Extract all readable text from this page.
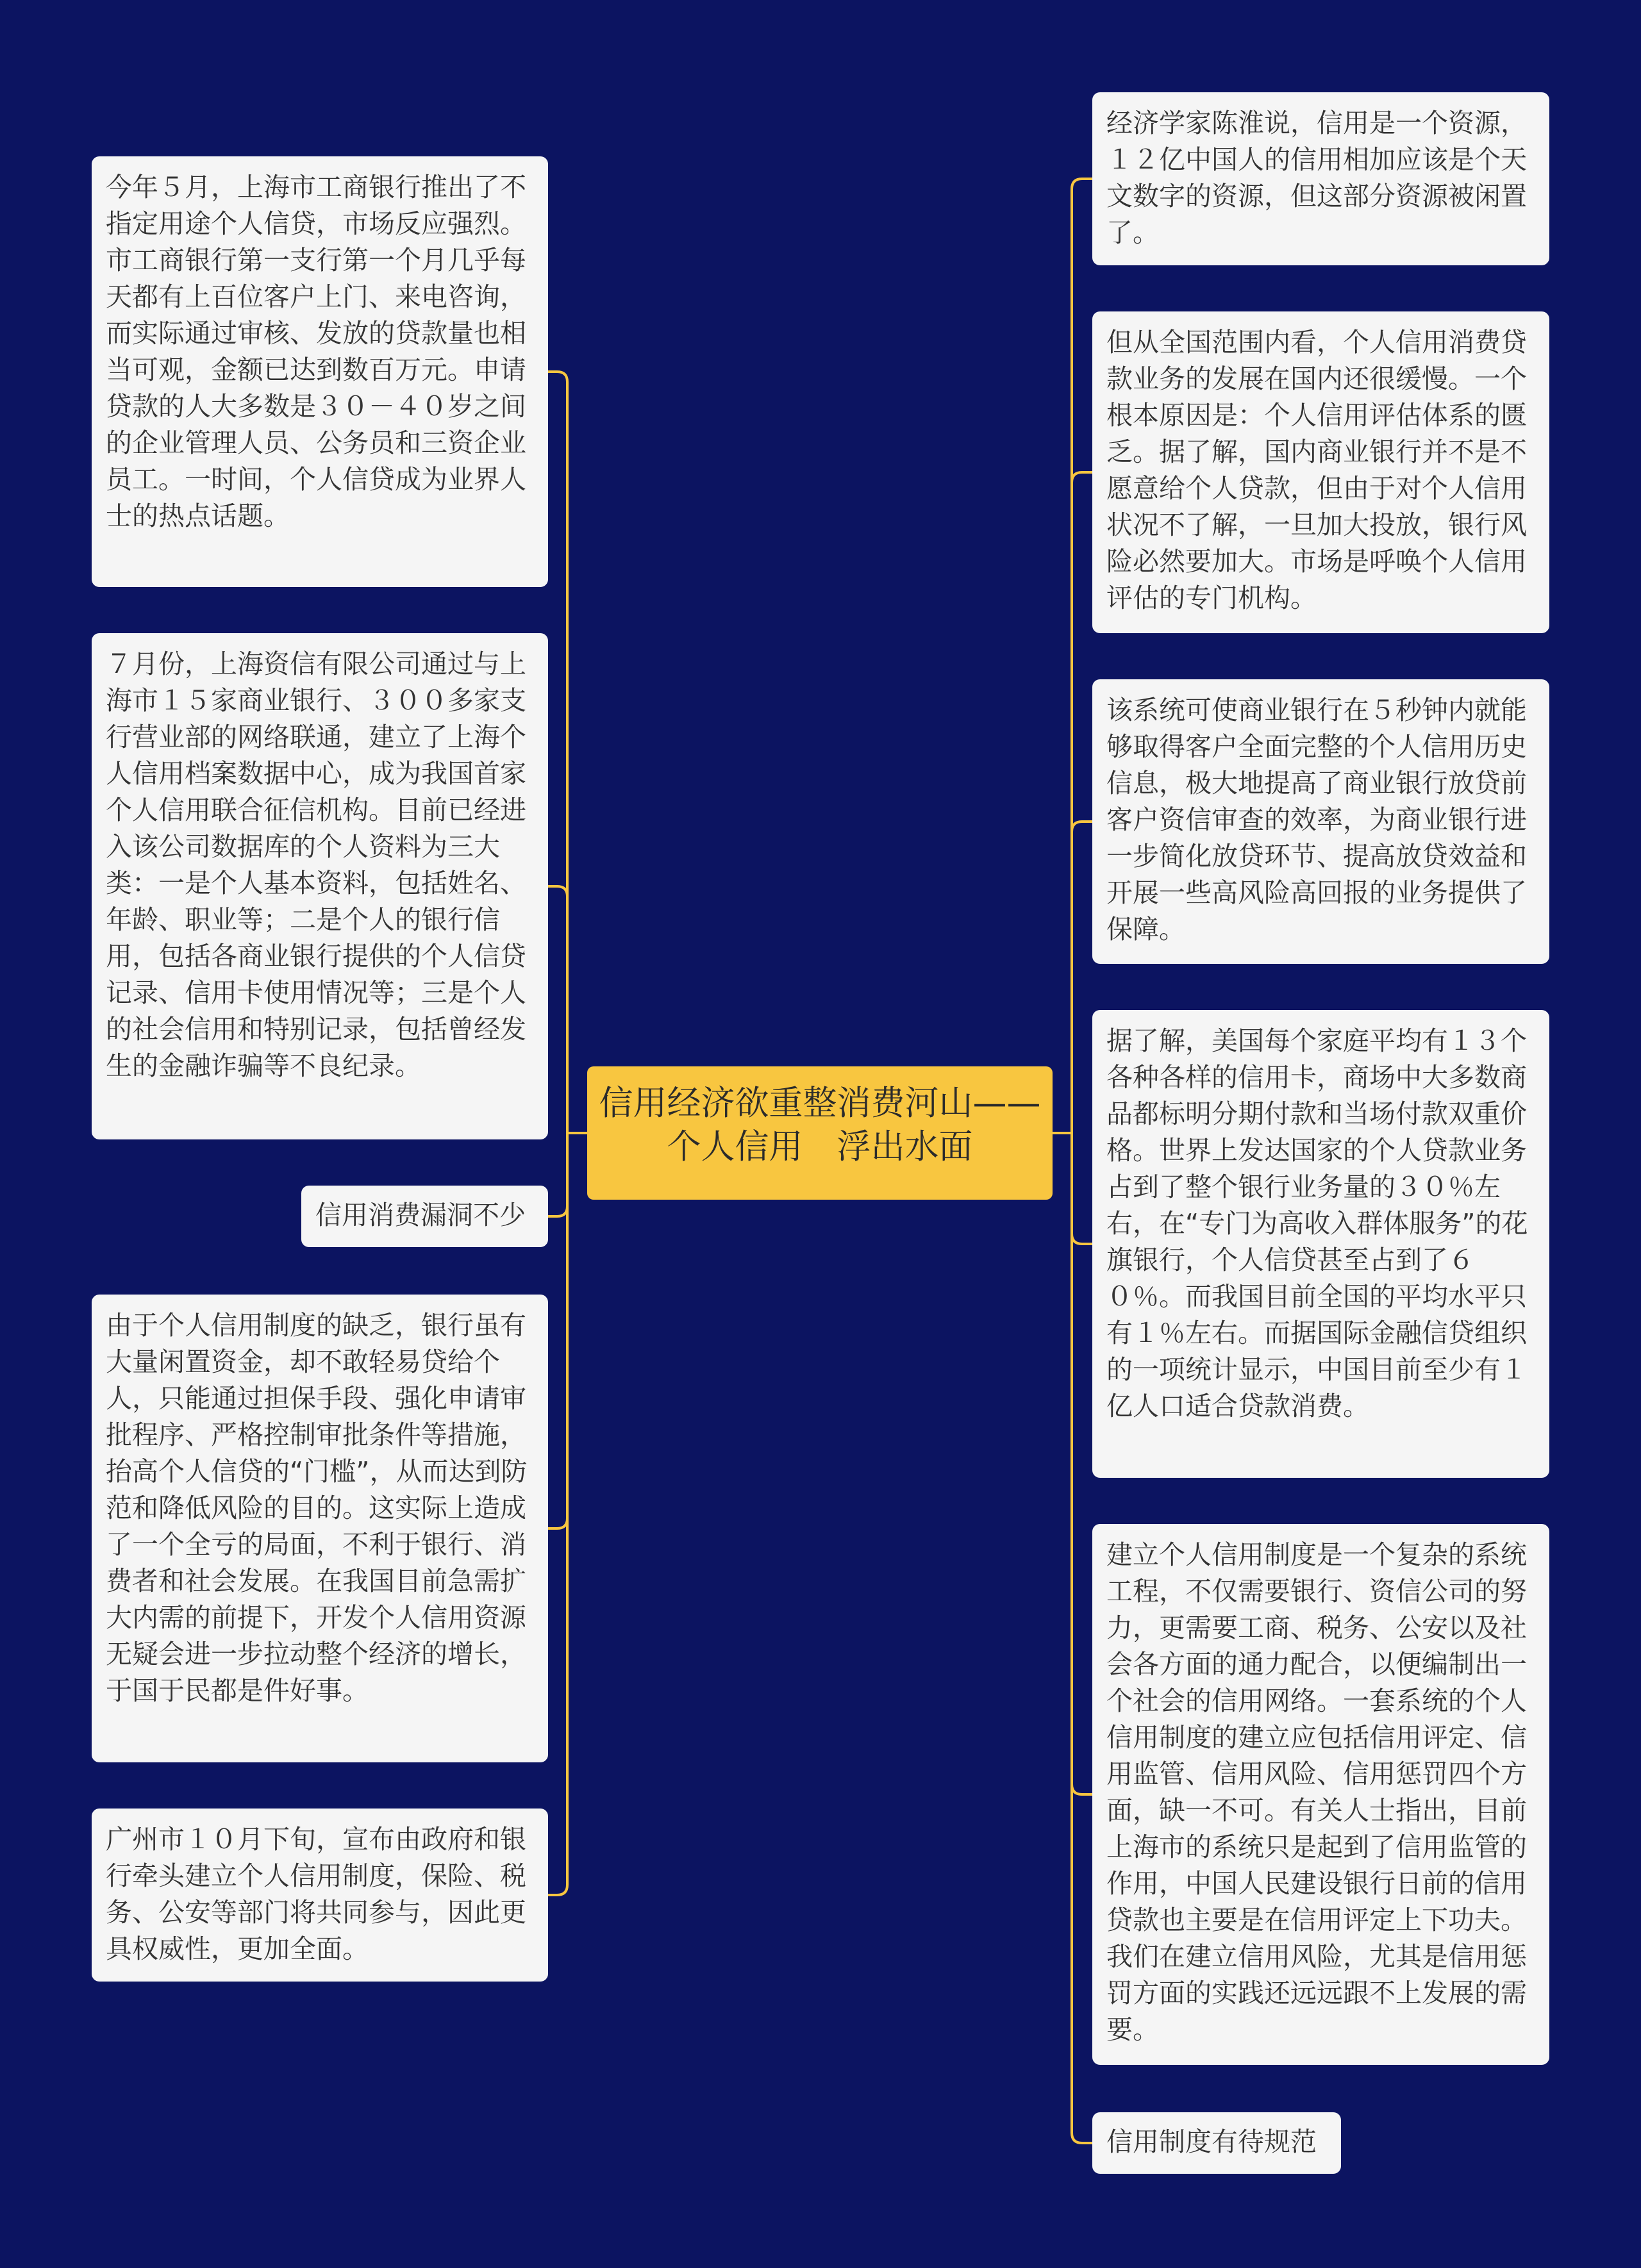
信用经济欲重整消费河山——个人信用　浮出水面
今年５月，上海市工商银行推出了不指定用途个人信贷，市场反应强烈。市工商银行第一支行第一个月几乎每天都有上百位客户上门、来电咨询，而实际通过审核、发放的贷款量也相当可观，金额已达到数百万元。申请贷款的人大多数是３０－４０岁之间的企业管理人员、公务员和三资企业员工。一时间，个人信贷成为业界人士的热点话题。
７月份，上海资信有限公司通过与上海市１５家商业银行、３００多家支行营业部的网络联通，建立了上海个人信用档案数据中心，成为我国首家个人信用联合征信机构。目前已经进入该公司数据库的个人资料为三大类：一是个人基本资料，包括姓名、年龄、职业等；二是个人的银行信用，包括各商业银行提供的个人信贷记录、信用卡使用情况等；三是个人的社会信用和特别记录，包括曾经发生的金融诈骗等不良纪录。
信用消费漏洞不少
由于个人信用制度的缺乏，银行虽有大量闲置资金，却不敢轻易贷给个人，只能通过担保手段、强化申请审批程序、严格控制审批条件等措施，抬高个人信贷的“门槛”，从而达到防范和降低风险的目的。这实际上造成了一个全亏的局面，不利于银行、消费者和社会发展。在我国目前急需扩大内需的前提下，开发个人信用资源无疑会进一步拉动整个经济的增长，于国于民都是件好事。
广州市１０月下旬，宣布由政府和银行牵头建立个人信用制度，保险、税务、公安等部门将共同参与，因此更具权威性，更加全面。
经济学家陈淮说，信用是一个资源，１２亿中国人的信用相加应该是个天文数字的资源，但这部分资源被闲置了。
但从全国范围内看，个人信用消费贷款业务的发展在国内还很缓慢。一个根本原因是：个人信用评估体系的匮乏。据了解，国内商业银行并不是不愿意给个人贷款，但由于对个人信用状况不了解，一旦加大投放，银行风险必然要加大。市场是呼唤个人信用评估的专门机构。
该系统可使商业银行在５秒钟内就能够取得客户全面完整的个人信用历史信息，极大地提高了商业银行放贷前客户资信审查的效率，为商业银行进一步简化放贷环节、提高放贷效益和开展一些高风险高回报的业务提供了保障。
据了解，美国每个家庭平均有１３个各种各样的信用卡，商场中大多数商品都标明分期付款和当场付款双重价格。世界上发达国家的个人贷款业务占到了整个银行业务量的３０％左右，在“专门为高收入群体服务”的花旗银行，个人信贷甚至占到了６０％。而我国目前全国的平均水平只有１％左右。而据国际金融信贷组织的一项统计显示，中国目前至少有１亿人口适合贷款消费。
建立个人信用制度是一个复杂的系统工程，不仅需要银行、资信公司的努力，更需要工商、税务、公安以及社会各方面的通力配合，以便编制出一个社会的信用网络。一套系统的个人信用制度的建立应包括信用评定、信用监管、信用风险、信用惩罚四个方面，缺一不可。有关人士指出，目前上海市的系统只是起到了信用监管的作用，中国人民建设银行日前的信用贷款也主要是在信用评定上下功夫。我们在建立信用风险，尤其是信用惩罚方面的实践还远远跟不上发展的需要。
信用制度有待规范
